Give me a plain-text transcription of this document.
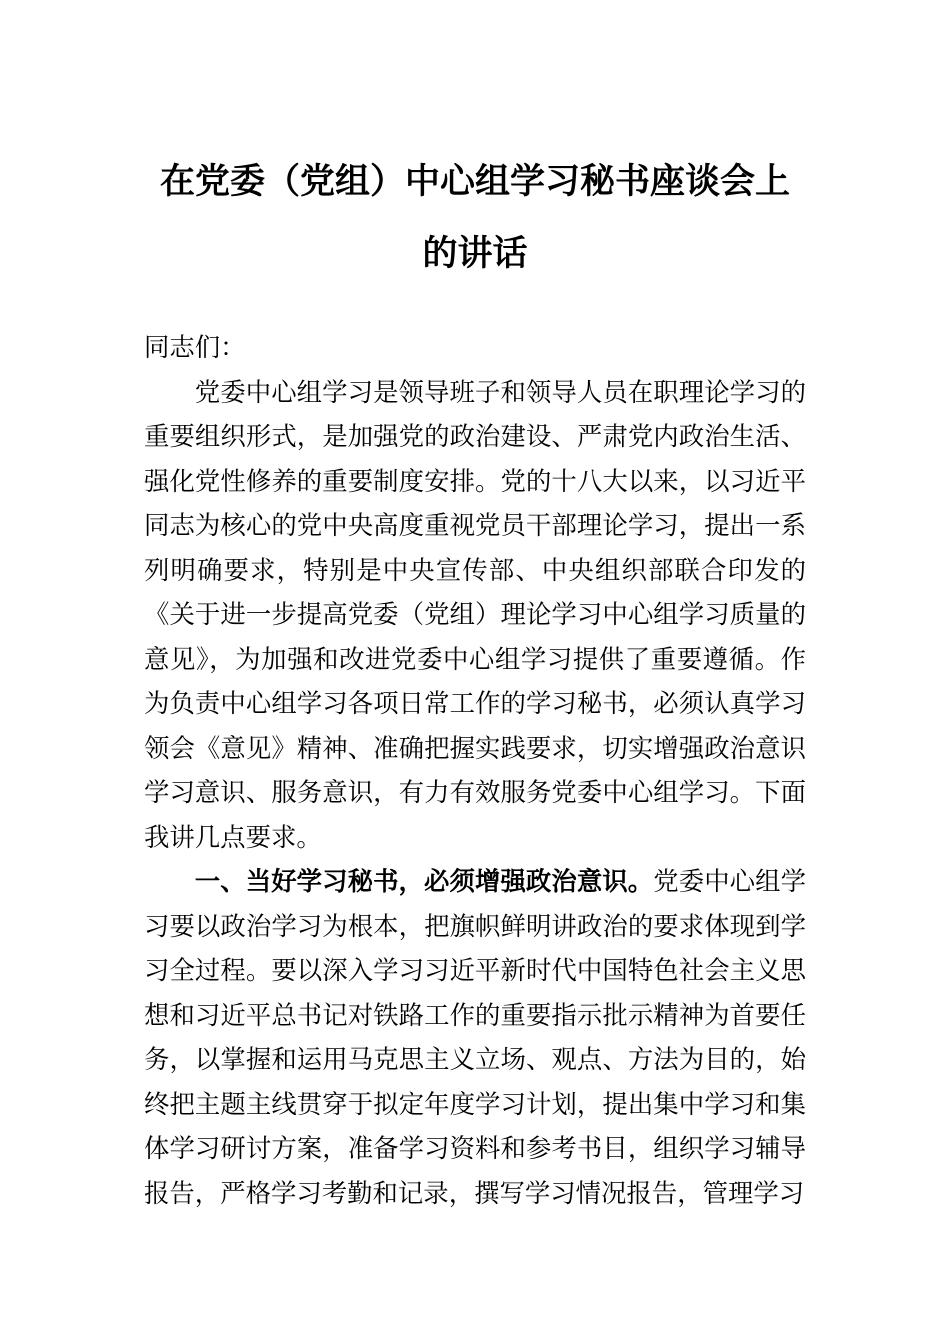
在党委（党组）中心组学习秘书座谈会上的讲话

同志们：

党委中心组学习是领导班子和领导人员在职理论学习的重要组织形式，是加强党的政治建设、严肃党内政治生活、强化党性修养的重要制度安排。党的十八大以来，以习近平同志为核心的党中央高度重视党员干部理论学习，提出一系列明确要求，特别是中央宣传部、中央组织部联合印发的《关于进一步提高党委（党组）理论学习中心组学习质量的意见》，为加强和改进党委中心组学习提供了重要遵循。作为负责中心组学习各项日常工作的学习秘书，必须认真学习领会《意见》精神、准确把握实践要求，切实增强政治意识学习意识、服务意识，有力有效服务党委中心组学习。下面我讲几点要求。

一、当好学习秘书，必须增强政治意识。党委中心组学习要以政治学习为根本，把旗帜鲜明讲政治的要求体现到学习全过程。要以深入学习习近平新时代中国特色社会主义思想和习近平总书记对铁路工作的重要指示批示精神为首要任务，以掌握和运用马克思主义立场、观点、方法为目的，始终把主题主线贯穿于拟定年度学习计划，提出集中学习和集体学习研讨方案，准备学习资料和参考书目，组织学习辅导报告，严格学习考勤和记录，撰写学习情况报告，管理学习
